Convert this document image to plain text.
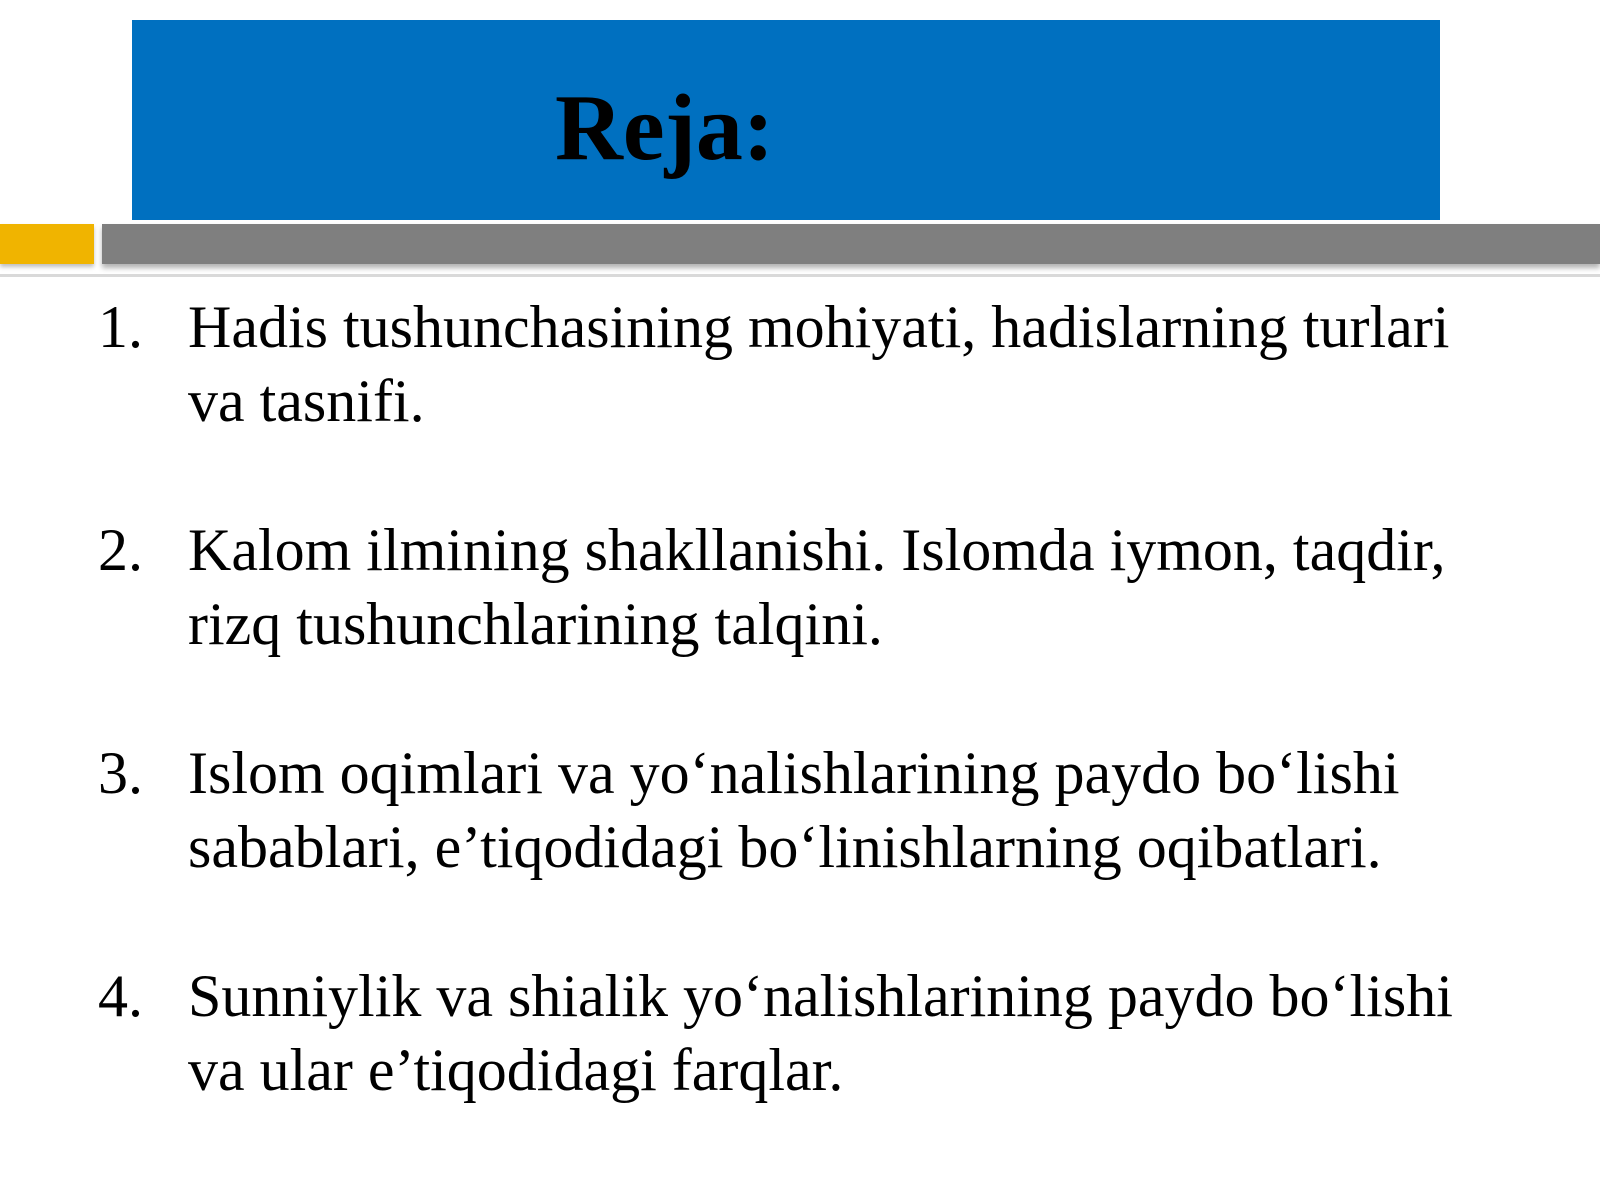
Reja:
1. Hadis tushunchasining mohiyati, hadislarning turlari va tasnifi.
2. Kalom ilmining shakllanishi. Islomda iymon, taqdir, rizq tushunchlarining talqini.
3. Islom oqimlari va yo‘nalishlarining paydo bo‘lishi sabablari, e’tiqodidagi bo‘linishlarning oqibatlari.
4. Sunniylik va shialik yo‘nalishlarining paydo bo‘lishi va ular e’tiqodidagi farqlar.
